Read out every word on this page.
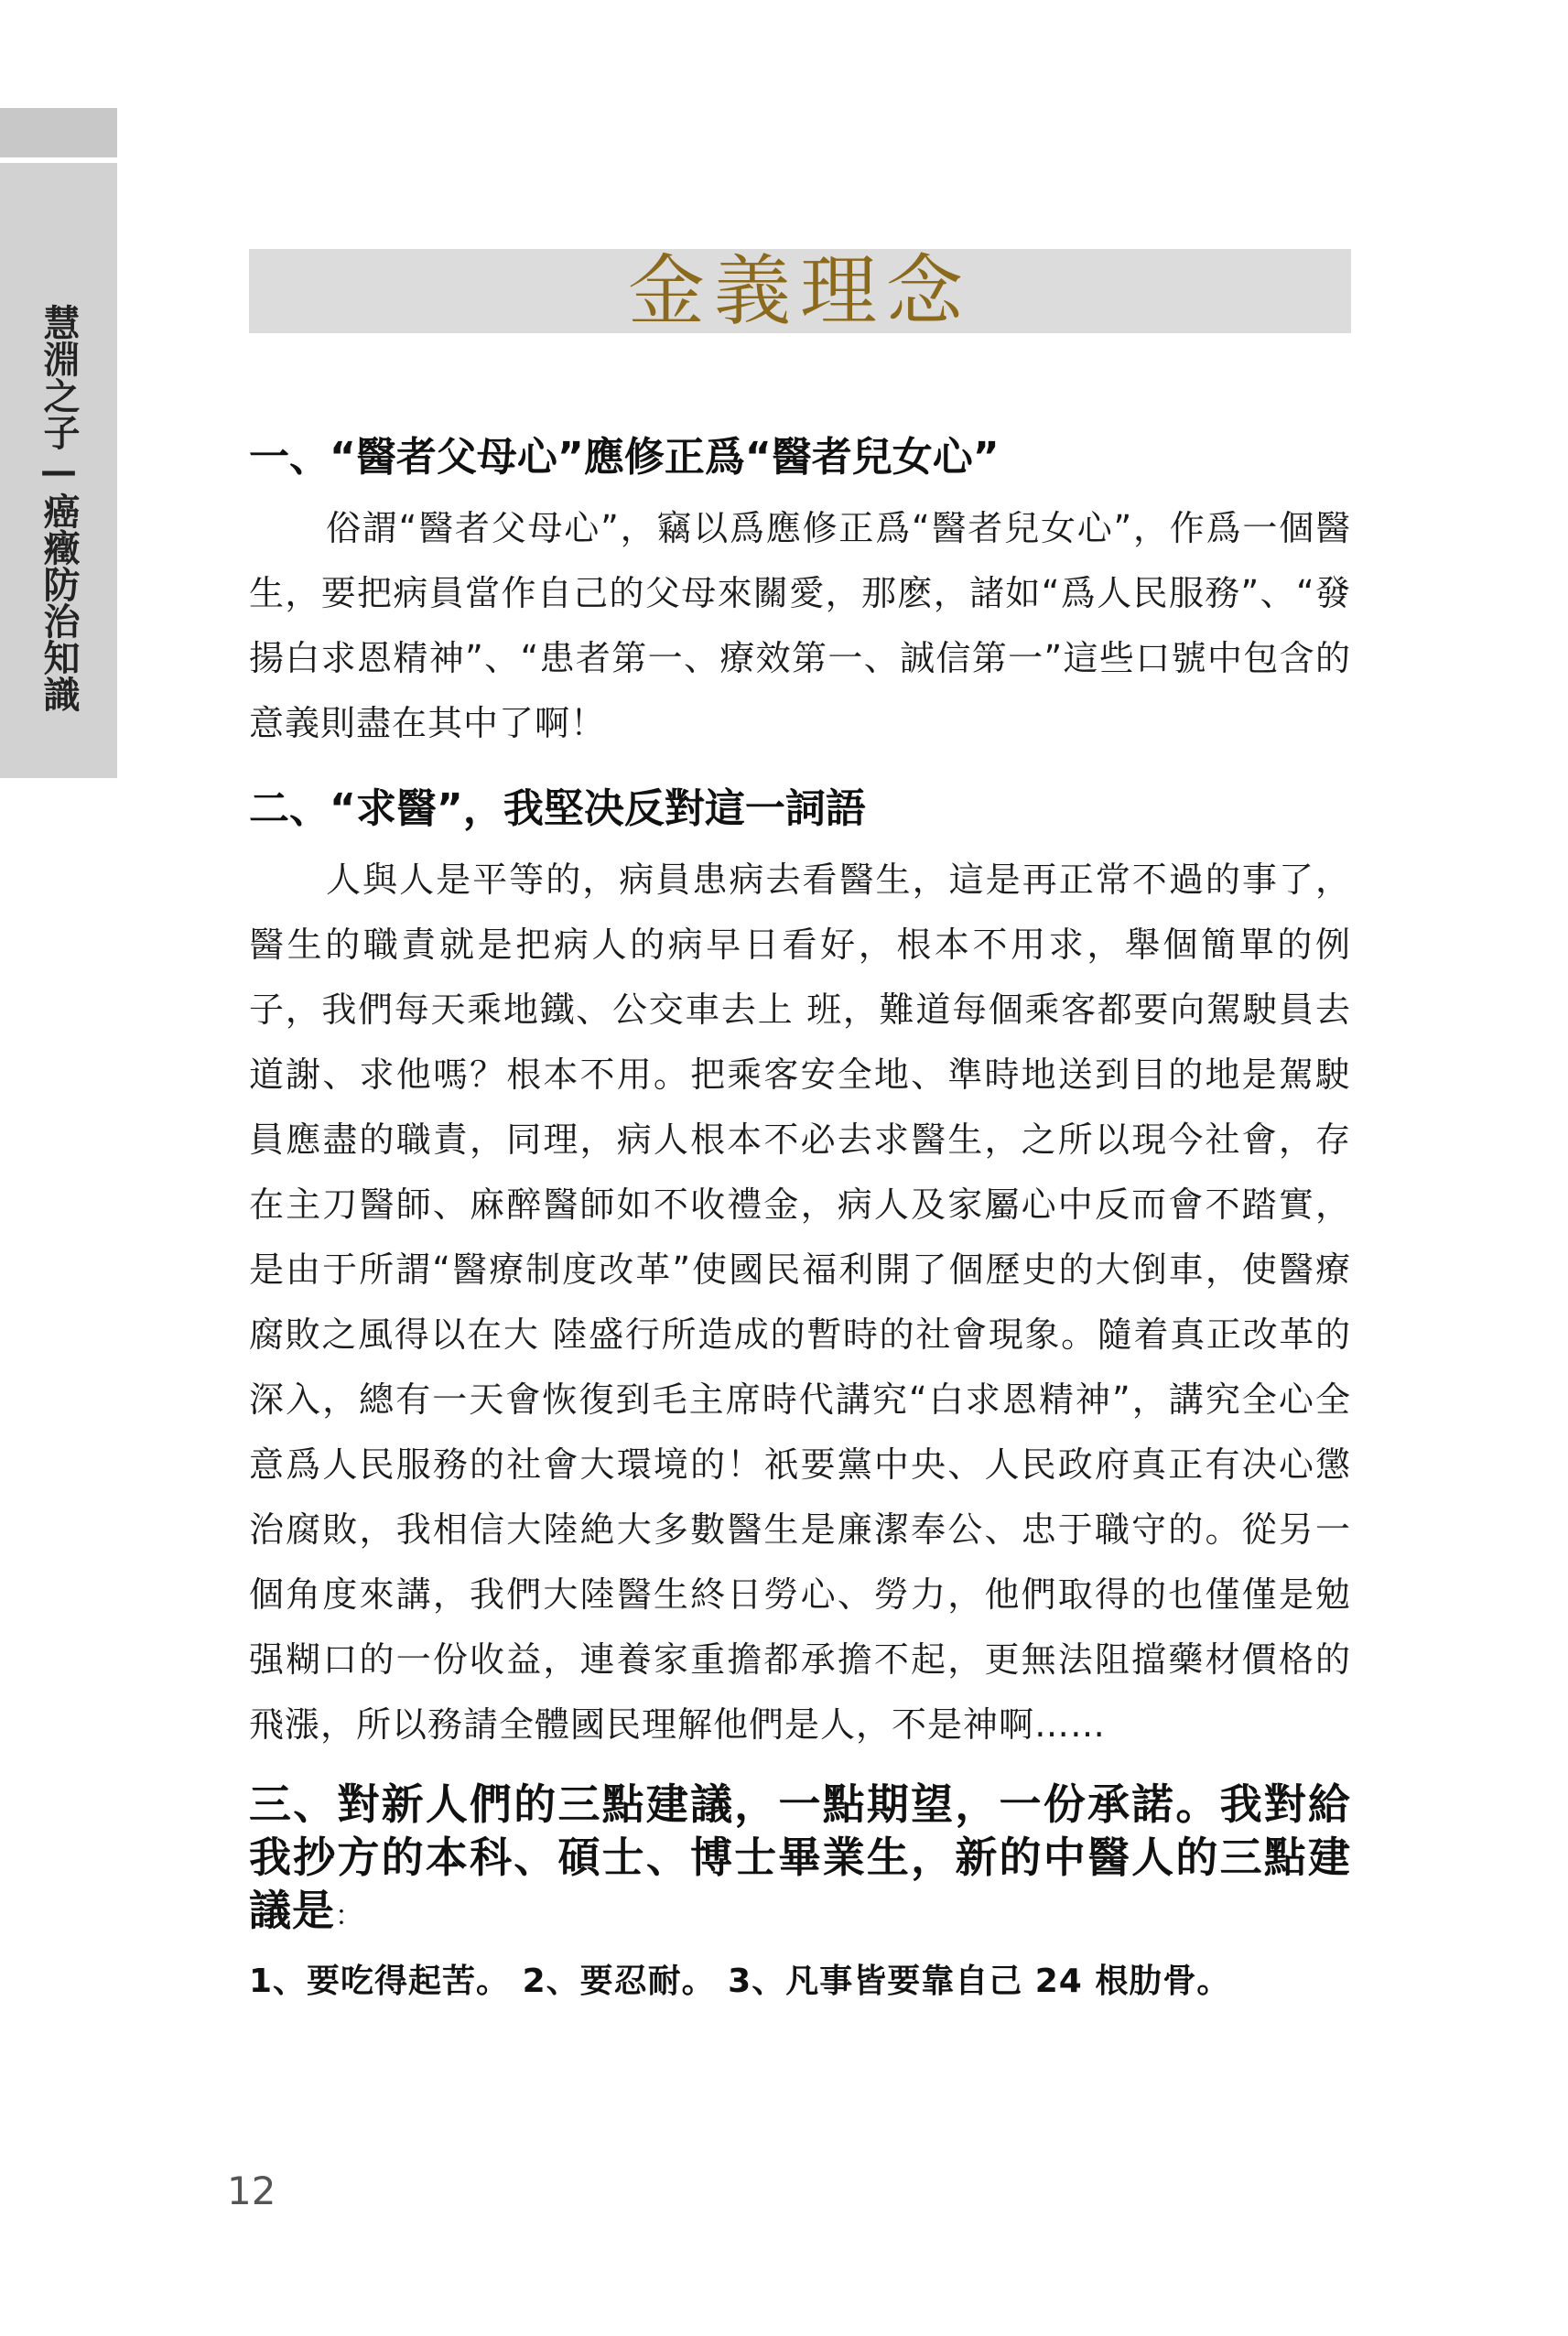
慧淵之子—癌癥防治知識
金義理念

一、“醫者父母心”應修正爲“醫者兒女心”

俗謂“醫者父母心”，竊以爲應修正爲“醫者兒女心”，作爲一個醫生，要把病員當作自己的父母來關愛，那麽，諸如“爲人民服務”、“發揚白求恩精神”、“患者第一、療效第一、誠信第一”這些口號中包含的意義則盡在其中了啊！

二、“求醫”，我堅决反對這一詞語

人與人是平等的，病員患病去看醫生，這是再正常不過的事了，醫生的職責就是把病人的病早日看好，根本不用求，舉個簡單的例子，我們每天乘地鐵、公交車去上 班，難道每個乘客都要向駕駛員去道謝、求他嗎？根本不用。把乘客安全地、準時地送到目的地是駕駛員應盡的職責，同理，病人根本不必去求醫生，之所以現今社會，存在主刀醫師、麻醉醫師如不收禮金，病人及家屬心中反而會不踏實，是由于所謂“醫療制度改革”使國民福利開了個歷史的大倒車，使醫療腐敗之風得以在大 陸盛行所造成的暫時的社會現象。隨着真正改革的深入，總有一天會恢復到毛主席時代講究“白求恩精神”，講究全心全意爲人民服務的社會大環境的！祇要黨中央、人民政府真正有决心懲治腐敗，我相信大陸絶大多數醫生是廉潔奉公、忠于職守的。從另一個角度來講，我們大陸醫生終日勞心、勞力，他們取得的也僅僅是勉强糊口的一份收益，連養家重擔都承擔不起，更無法阻擋藥材價格的飛漲，所以務請全體國民理解他們是人，不是神啊……

三、對新人們的三點建議，一點期望，一份承諾。我對給我抄方的本科、碩士、博士畢業生，新的中醫人的三點建議是：

1、要吃得起苦。 2、要忍耐。 3、凡事皆要靠自己 24 根肋骨。

12
